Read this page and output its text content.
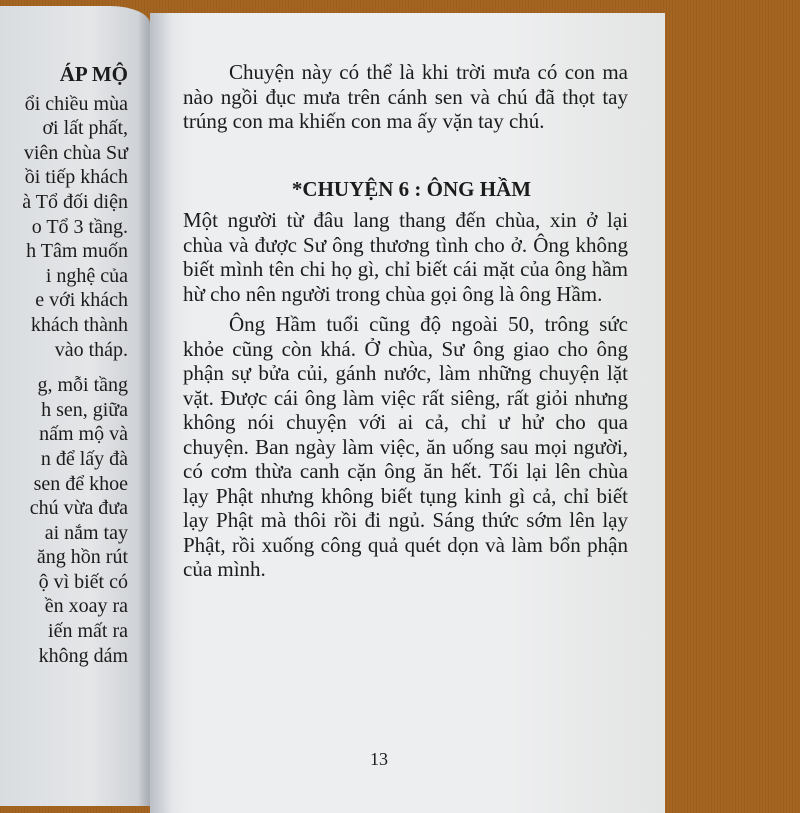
ÁP MỘ
ổi chiều mùa
ơi lất phất,
viên chùa Sư
ồi tiếp khách
à Tổ đối diện
o Tổ 3 tầng.
h Tâm muốn
i nghệ của
e với khách
khách thành
vào tháp.
g, mỗi tầng
h sen, giữa
nấm mộ và
n để lấy đà
sen để khoe
chú vừa đưa
ai nắm tay
ăng hồn rút
ộ vì biết có
ền xoay ra
iến mất ra
không dám

Chuyện này có thể là khi trời mưa có con ma nào ngồi đục mưa trên cánh sen và chú đã thọt tay trúng con ma khiến con ma ấy vặn tay chú.

*CHUYỆN 6 : ÔNG HẦM

Một người từ đâu lang thang đến chùa, xin ở lại chùa và được Sư ông thương tình cho ở. Ông không biết mình tên chi họ gì, chỉ biết cái mặt của ông hầm hừ cho nên người trong chùa gọi ông là ông Hầm.

Ông Hầm tuổi cũng độ ngoài 50, trông sức khỏe cũng còn khá. Ở chùa, Sư ông giao cho ông phận sự bửa củi, gánh nước, làm những chuyện lặt vặt. Được cái ông làm việc rất siêng, rất giỏi nhưng không nói chuyện với ai cả, chỉ ư hử cho qua chuyện. Ban ngày làm việc, ăn uống sau mọi người, có cơm thừa canh cặn ông ăn hết. Tối lại lên chùa lạy Phật nhưng không biết tụng kinh gì cả, chỉ biết lạy Phật mà thôi rồi đi ngủ. Sáng thức sớm lên lạy Phật, rồi xuống công quả quét dọn và làm bổn phận của mình.

13
